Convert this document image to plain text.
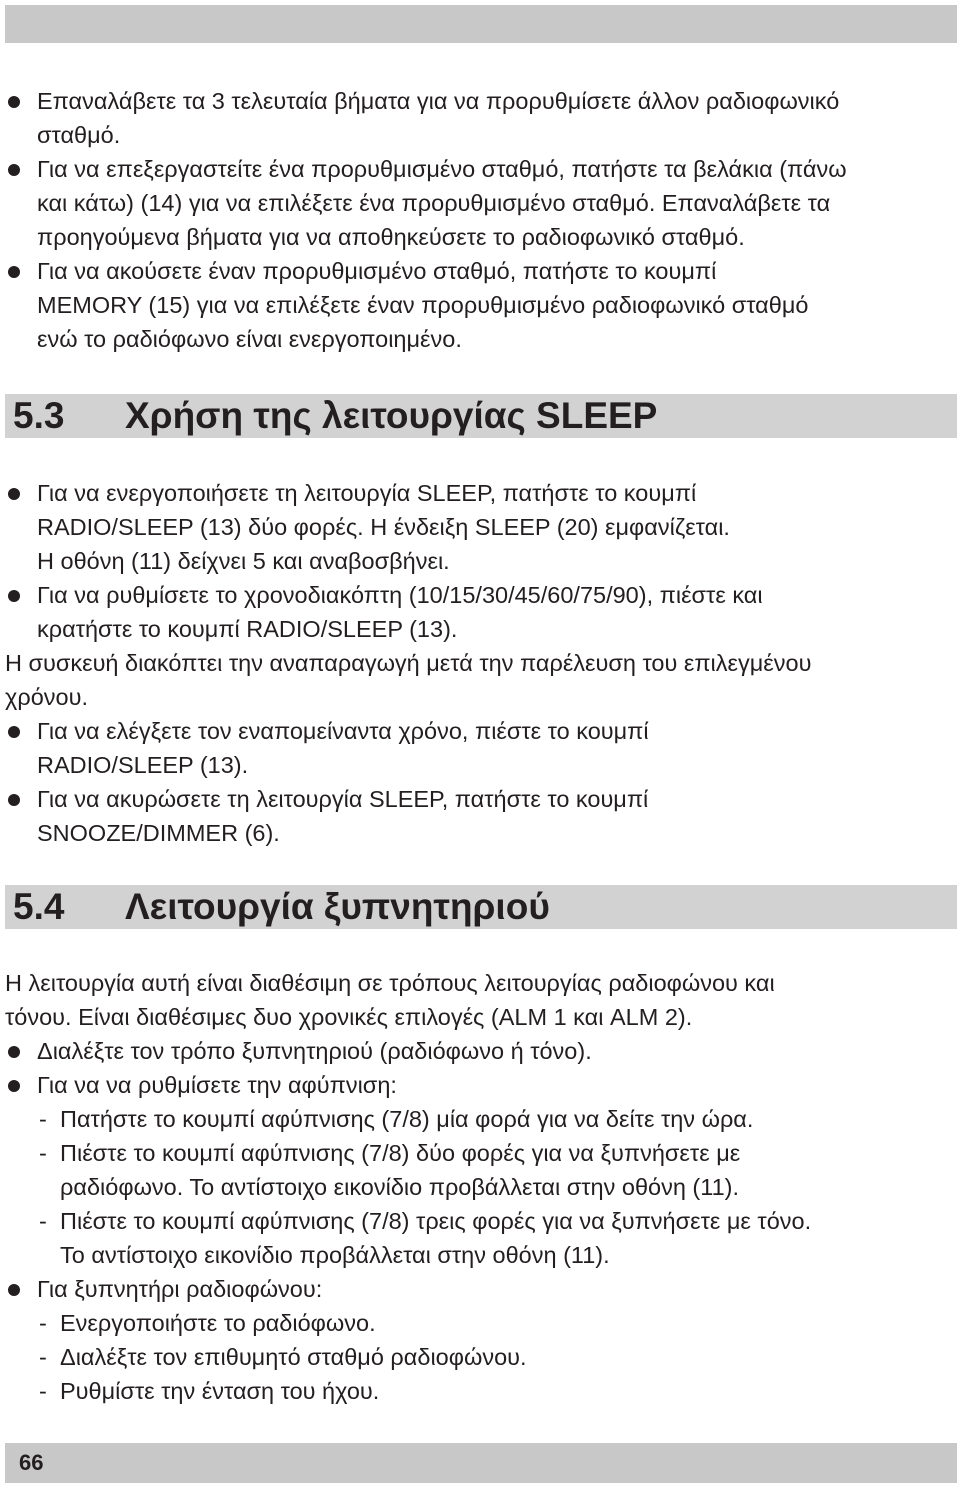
Επαναλάβετε τα 3 τελευταία βήματα για να προρυθμίσετε άλλον ραδιοφωνικό
σταθμό.
Για να επεξεργαστείτε ένα προρυθμισμένο σταθμό, πατήστε τα βελάκια (πάνω
και κάτω) (14) για να επιλέξετε ένα προρυθμισμένο σταθμό. Επαναλάβετε τα
προηγούμενα βήματα για να αποθηκεύσετε το ραδιοφωνικό σταθμό.
Για να ακούσετε έναν προρυθμισμένο σταθμό, πατήστε το κουμπί
MEMORY (15) για να επιλέξετε έναν προρυθμισμένο ραδιοφωνικό σταθμό
ενώ το ραδιόφωνο είναι ενεργοποιημένο.
5.3 Χρήση της λειτουργίας SLEEP
Για να ενεργοποιήσετε τη λειτουργία SLEEP, πατήστε το κουμπί
RADIO/SLEEP (13) δύο φορές. Η ένδειξη SLEEP (20) εμφανίζεται.
Η οθόνη (11) δείχνει 5 και αναβοσβήνει.
Για να ρυθμίσετε το χρονοδιακόπτη (10/15/30/45/60/75/90), πιέστε και
κρατήστε το κουμπί RADIO/SLEEP (13).
Η συσκευή διακόπτει την αναπαραγωγή μετά την παρέλευση του επιλεγμένου
χρόνου.
Για να ελέγξετε τον εναπομείναντα χρόνο, πιέστε το κουμπί
RADIO/SLEEP (13).
Για να ακυρώσετε τη λειτουργία SLEEP, πατήστε το κουμπί
SNOOZE/DIMMER (6).
5.4 Λειτουργία ξυπνητηριού
Η λειτουργία αυτή είναι διαθέσιμη σε τρόπους λειτουργίας ραδιοφώνου και
τόνου. Είναι διαθέσιμες δυο χρονικές επιλογές (ALM 1 και ALM 2).
Διαλέξτε τον τρόπο ξυπνητηριού (ραδιόφωνο ή τόνο).
Για να να ρυθμίσετε την αφύπνιση:
- Πατήστε το κουμπί αφύπνισης (7/8) μία φορά για να δείτε την ώρα.
- Πιέστε το κουμπί αφύπνισης (7/8) δύο φορές για να ξυπνήσετε με
ραδιόφωνο. Το αντίστοιχο εικονίδιο προβάλλεται στην οθόνη (11).
- Πιέστε το κουμπί αφύπνισης (7/8) τρεις φορές για να ξυπνήσετε με τόνο.
Το αντίστοιχο εικονίδιο προβάλλεται στην οθόνη (11).
Για ξυπνητήρι ραδιοφώνου:
- Ενεργοποιήστε το ραδιόφωνο.
- Διαλέξτε τον επιθυμητό σταθμό ραδιοφώνου.
- Ρυθμίστε την ένταση του ήχου.
66
